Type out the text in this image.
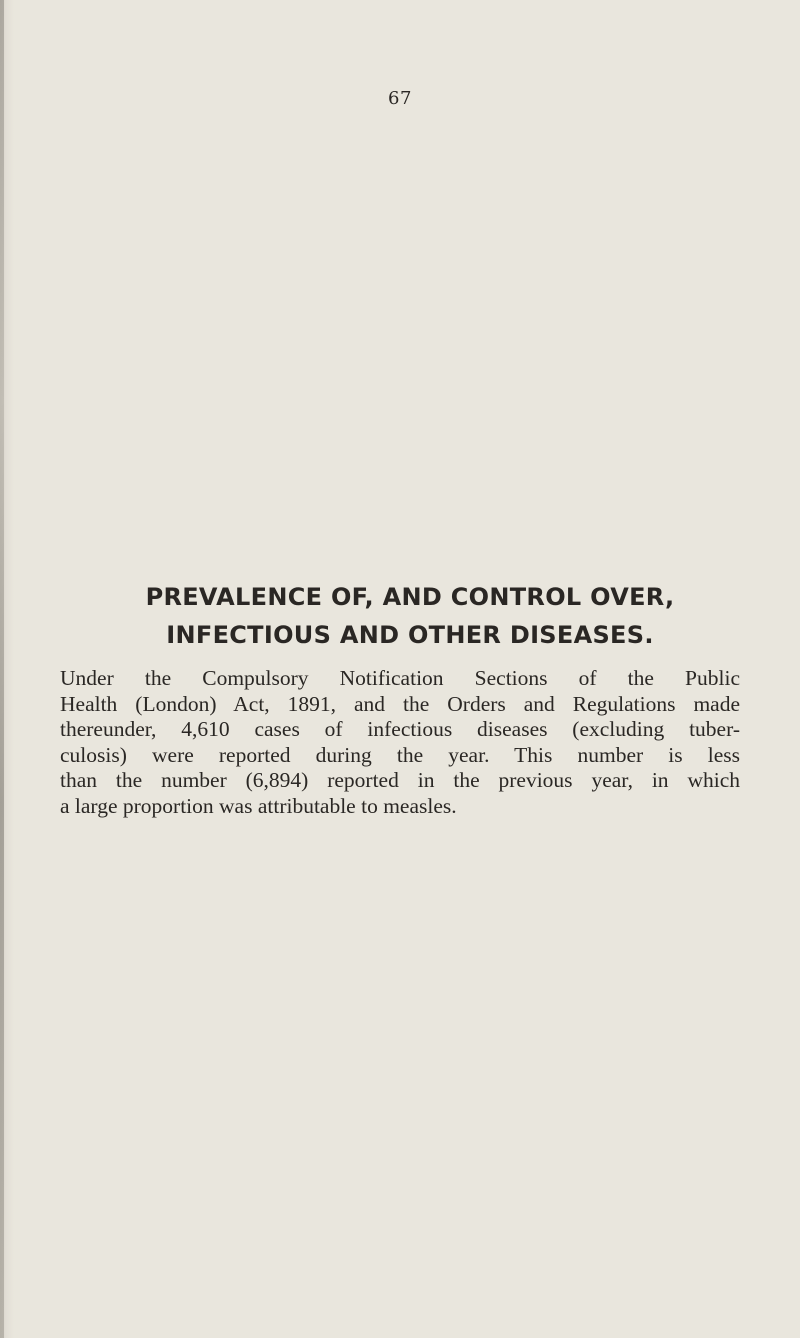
67
PREVALENCE OF, AND CONTROL OVER,
INFECTIOUS AND OTHER DISEASES.
Under the Compulsory Notification Sections of the Public
Health (London) Act, 1891, and the Orders and Regulations made
thereunder, 4,610 cases of infectious diseases (excluding tuber-
culosis) were reported during the year. This number is less
than the number (6,894) reported in the previous year, in which
a large proportion was attributable to measles.
